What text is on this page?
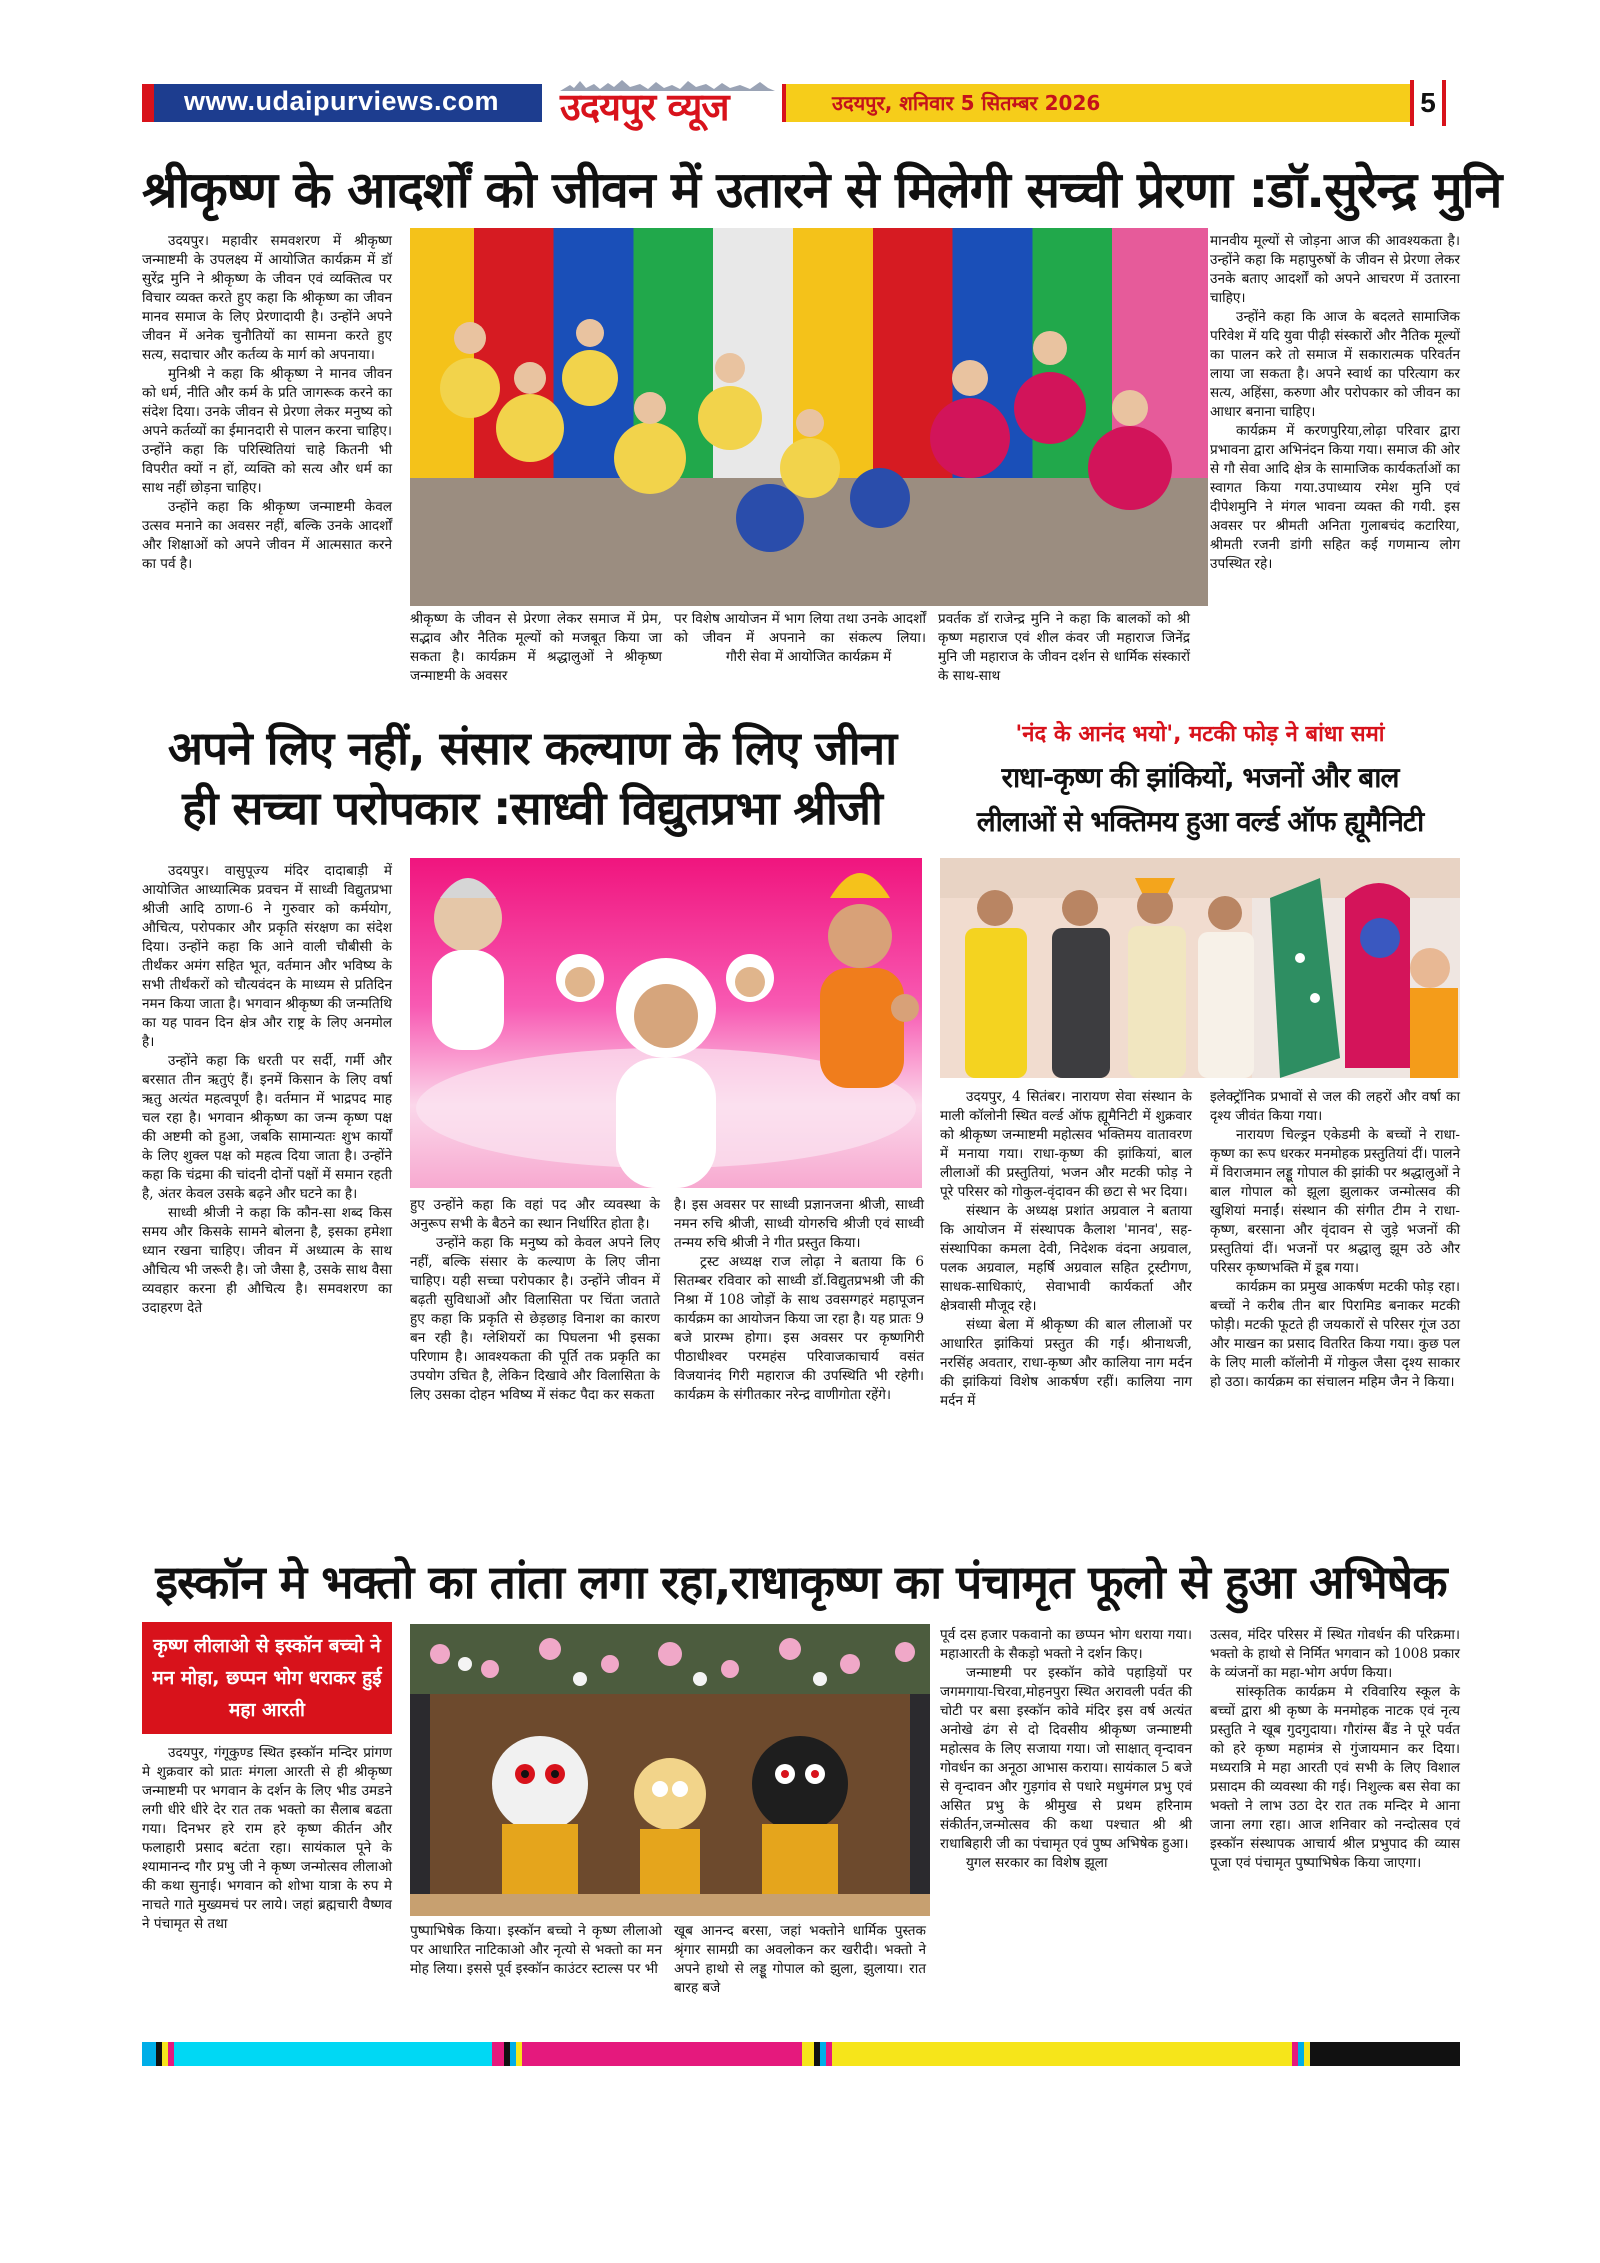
www.udaipurviews.com उदयपुर व्यूज	उदयपुर, शनिवार 5 सितम्बर 2026	5
श्रीकृष्ण के आदर्शों को जीवन में उतारने से मिलेगी सच्ची प्रेरणा :डॉ.सुरेन्द्र मुनि

उदयपुर। महावीर समवशरण में श्रीकृष्ण जन्माष्टमी के उपलक्ष्य में आयोजित कार्यक्रम में डॉ सुरेंद्र मुनि ने श्रीकृष्ण के जीवन एवं व्यक्तित्व पर विचार व्यक्त करते हुए कहा कि श्रीकृष्ण का जीवन मानव समाज के लिए प्रेरणादायी है। उन्होंने अपने जीवन में अनेक चुनौतियों का सामना करते हुए सत्य, सदाचार और कर्तव्य के मार्ग को अपनाया।

मुनिश्री ने कहा कि श्रीकृष्ण ने मानव जीवन को धर्म, नीति और कर्म के प्रति जागरूक करने का संदेश दिया। उनके जीवन से प्रेरणा लेकर मनुष्य को अपने कर्तव्यों का ईमानदारी से पालन करना चाहिए। उन्होंने कहा कि परिस्थितियां चाहे कितनी भी विपरीत क्यों न हों, व्यक्ति को सत्य और धर्म का साथ नहीं छोड़ना चाहिए।

उन्होंने कहा कि श्रीकृष्ण जन्माष्टमी केवल उत्सव मनाने का अवसर नहीं, बल्कि उनके आदर्शों और शिक्षाओं को अपने जीवन में आत्मसात करने का पर्व है।

श्रीकृष्ण के जीवन से प्रेरणा लेकर समाज में प्रेम, सद्भाव और नैतिक मूल्यों को मजबूत किया जा सकता है। कार्यक्रम में श्रद्धालुओं ने श्रीकृष्ण जन्माष्टमी के अवसर
पर विशेष आयोजन में भाग लिया तथा उनके आदर्शों को जीवन में अपनाने का संकल्प लिया।            गौरी सेवा में आयोजित कार्यक्रम में
प्रवर्तक डॉ राजेन्द्र मुनि ने कहा कि बालकों को श्री कृष्ण महाराज एवं शील कंवर जी महाराज जिनेंद्र मुनि जी महाराज के जीवन दर्शन से धार्मिक संस्कारों के साथ-साथ

मानवीय मूल्यों से जोड़ना आज की आवश्यकता है। उन्होंने कहा कि महापुरुषों के जीवन से प्रेरणा लेकर उनके बताए आदर्शों को अपने आचरण में उतारना चाहिए।

उन्होंने कहा कि आज के बदलते सामाजिक परिवेश में यदि युवा पीढ़ी संस्कारों और नैतिक मूल्यों का पालन करे तो समाज में सकारात्मक परिवर्तन लाया जा सकता है। अपने स्वार्थ का परित्याग कर सत्य, अहिंसा, करुणा और परोपकार को जीवन का आधार बनाना चाहिए।

कार्यक्रम में करणपुरिया,लोढ़ा परिवार द्वारा प्रभावना द्वारा अभिनंदन किया गया। समाज की ओर से गौ सेवा आदि क्षेत्र के सामाजिक कार्यकर्ताओं का स्वागत किया गया.उपाध्याय रमेश मुनि एवं दीपेशमुनि ने मंगल भावना व्यक्त की गयी. इस अवसर पर श्रीमती अनिता गुलाबचंद कटारिया, श्रीमती रजनी डांगी सहित कई गणमान्य लोग उपस्थित रहे।

अपने लिए नहीं, संसार कल्याण के लिए जीना
ही सच्चा परोपकार :साध्वी विद्युतप्रभा श्रीजी

उदयपुर। वासुपूज्य मंदिर दादाबाड़ी में आयोजित आध्यात्मिक प्रवचन में साध्वी विद्युतप्रभा श्रीजी आदि ठाणा-6 ने गुरुवार को कर्मयोग, औचित्य, परोपकार और प्रकृति संरक्षण का संदेश दिया। उन्होंने कहा कि आने वाली चौबीसी के तीर्थंकर अमंग सहित भूत, वर्तमान और भविष्य के सभी तीर्थंकरों को चौत्यवंदन के माध्यम से प्रतिदिन नमन किया जाता है। भगवान श्रीकृष्ण की जन्मतिथि का यह पावन दिन क्षेत्र और राष्ट्र के लिए अनमोल है।

उन्होंने कहा कि धरती पर सर्दी, गर्मी और बरसात तीन ऋतुएं हैं। इनमें किसान के लिए वर्षा ऋतु अत्यंत महत्वपूर्ण है। वर्तमान में भाद्रपद माह चल रहा है। भगवान श्रीकृष्ण का जन्म कृष्ण पक्ष की अष्टमी को हुआ, जबकि सामान्यतः शुभ कार्यों के लिए शुक्ल पक्ष को महत्व दिया जाता है। उन्होंने कहा कि चंद्रमा की चांदनी दोनों पक्षों में समान रहती है, अंतर केवल उसके बढ़ने और घटने का है।

साध्वी श्रीजी ने कहा कि कौन-सा शब्द किस समय और किसके सामने बोलना है, इसका हमेशा ध्यान रखना चाहिए। जीवन में अध्यात्म के साथ औचित्य भी जरूरी है। जो जैसा है, उसके साथ वैसा व्यवहार करना ही औचित्य है। समवशरण का उदाहरण देते

हुए उन्होंने कहा कि वहां पद और व्यवस्था के अनुरूप सभी के बैठने का स्थान निर्धारित होता है।

उन्होंने कहा कि मनुष्य को केवल अपने लिए नहीं, बल्कि संसार के कल्याण के लिए जीना चाहिए। यही सच्चा परोपकार है। उन्होंने जीवन में बढ़ती सुविधाओं और विलासिता पर चिंता जताते हुए कहा कि प्रकृति से छेड़छाड़ विनाश का कारण बन रही है। ग्लेशियरों का पिघलना भी इसका परिणाम है। आवश्यकता की पूर्ति तक प्रकृति का उपयोग उचित है, लेकिन दिखावे और विलासिता के लिए उसका दोहन भविष्य में संकट पैदा कर सकता

है। इस अवसर पर साध्वी प्रज्ञानजना श्रीजी, साध्वी नमन रुचि श्रीजी, साध्वी योगरुचि श्रीजी एवं साध्वी तन्मय रुचि श्रीजी ने गीत प्रस्तुत किया।

ट्रस्ट अध्यक्ष राज लोढ़ा ने बताया कि 6 सितम्बर रविवार को साध्वी डॉ.विद्युतप्रभश्री जी की निश्रा में 108 जोड़ों के साथ उवसग्गहरं महापूजन कार्यक्रम का आयोजन किया जा रहा है। यह प्रातः 9 बजे प्रारम्भ होगा। इस अवसर पर कृष्णगिरी पीठाधीश्वर परमहंस परिवाजकाचार्य वसंत विजयानंद गिरी महाराज की उपस्थिति भी रहेगी। कार्यक्रम के संगीतकार नरेन्द्र वाणीगोता रहेंगे।

'नंद के आनंद भयो', मटकी फोड़ ने बांधा समां
राधा-कृष्ण की झांकियों, भजनों और बाल
लीलाओं से भक्तिमय हुआ वर्ल्ड ऑफ ह्यूमैनिटी

उदयपुर, 4 सितंबर। नारायण सेवा संस्थान के माली कॉलोनी स्थित वर्ल्ड ऑफ ह्यूमैनिटी में शुक्रवार को श्रीकृष्ण जन्माष्टमी महोत्सव भक्तिमय वातावरण में मनाया गया। राधा-कृष्ण की झांकियां, बाल लीलाओं की प्रस्तुतियां, भजन और मटकी फोड़ ने पूरे परिसर को गोकुल-वृंदावन की छटा से भर दिया।

संस्थान के अध्यक्ष प्रशांत अग्रवाल ने बताया कि आयोजन में संस्थापक कैलाश 'मानव', सह-संस्थापिका कमला देवी, निदेशक वंदना अग्रवाल, पलक अग्रवाल, महर्षि अग्रवाल सहित ट्रस्टीगण, साधक-साधिकाएं, सेवाभावी कार्यकर्ता और क्षेत्रवासी मौजूद रहे।

संध्या बेला में श्रीकृष्ण की बाल लीलाओं पर आधारित झांकियां प्रस्तुत की गईं। श्रीनाथजी, नरसिंह अवतार, राधा-कृष्ण और कालिया नाग मर्दन की झांकियां विशेष आकर्षण रहीं। कालिया नाग मर्दन में

इलेक्ट्रॉनिक प्रभावों से जल की लहरों और वर्षा का दृश्य जीवंत किया गया।

नारायण चिल्ड्रन एकेडमी के बच्चों ने राधा-कृष्ण का रूप धरकर मनमोहक प्रस्तुतियां दीं। पालने में विराजमान लड्डू गोपाल की झांकी पर श्रद्धालुओं ने बाल गोपाल को झूला झुलाकर जन्मोत्सव की खुशियां मनाईं। संस्थान की संगीत टीम ने राधा-कृष्ण, बरसाना और वृंदावन से जुड़े भजनों की प्रस्तुतियां दीं। भजनों पर श्रद्धालु झूम उठे और परिसर कृष्णभक्ति में डूब गया।

कार्यक्रम का प्रमुख आकर्षण मटकी फोड़ रहा। बच्चों ने करीब तीन बार पिरामिड बनाकर मटकी फोड़ी। मटकी फूटते ही जयकारों से परिसर गूंज उठा और माखन का प्रसाद वितरित किया गया। कुछ पल के लिए माली कॉलोनी में गोकुल जैसा दृश्य साकार हो उठा। कार्यक्रम का संचालन महिम जैन ने किया।

इस्कॉन मे भक्तो का तांता लगा रहा,राधाकृष्ण का पंचामृत फूलो से हुआ अभिषेक
कृष्ण लीलाओ से इस्कॉन बच्चो ने मन मोहा, छप्पन भोग धराकर हुई महा आरती

उदयपुर, गंगूकुण्ड स्थित इस्कॉन मन्दिर प्रांगण मे शुक्रवार को प्रातः मंगला आरती से ही श्रीकृष्ण जन्माष्टमी पर भगवान के दर्शन के लिए भीड उमडने लगी धीरे धीरे देर रात तक भक्तो का सैलाब बढता गया। दिनभर हरे राम हरे कृष्ण कीर्तन और फलाहारी प्रसाद बटंता रहा। सायंकाल पूने के श्यामानन्द गौर प्रभु जी ने कृष्ण जन्मोत्सव लीलाओ की कथा सुनाई। भगवान को शोभा यात्रा के रुप मे नाचते गाते मुख्यमचं पर लाये। जहां ब्रह्मचारी वैष्णव ने पंचामृत से तथा	पुष्पाभिषेक किया। इस्कॉन बच्चो ने कृष्ण लीलाओ पर आधारित नाटिकाओ और नृत्यो से भक्तो का मन मोह लिया। इससे पूर्व इस्कॉन काउंटर स्टाल्स पर भी
खूब आनन्द बरसा, जहां भक्तोने धार्मिक पुस्तक श्रृंगार सामग्री का अवलोकन कर खरीदी। भक्तो ने अपने हाथो से लड्डू गोपाल को झुला, झुलाया। रात बारह बजे

पूर्व दस हजार पकवानो का छप्पन भोग धराया गया। महाआरती के सैकड़ो भक्तो ने दर्शन किए।

जन्माष्टमी पर इस्कॉन कोवे पहाड़ियों पर जगमगाया-चिरवा,मोहनपुरा स्थित अरावली पर्वत की चोटी पर बसा इस्कॉन कोवे मंदिर इस वर्ष अत्यंत अनोखे ढंग से दो दिवसीय श्रीकृष्ण जन्माष्टमी महोत्सव के लिए सजाया गया। जो साक्षात् वृन्दावन गोवर्धन का अनूठा आभास कराया। सायंकाल 5 बजे से वृन्दावन और गुड़गांव से पधारे मधुमंगल प्रभु एवं असित प्रभु के श्रीमुख से प्रथम हरिनाम संकीर्तन,जन्मोत्सव की कथा पश्चात श्री श्री राधाबिहारी जी का पंचामृत एवं पुष्प अभिषेक हुआ।

युगल सरकार का विशेष झूला

उत्सव, मंदिर परिसर में स्थित गोवर्धन की परिक्रमा। भक्तो के हाथो से निर्मित भगवान को 1008 प्रकार के व्यंजनों का महा-भोग अर्पण किया।

सांस्कृतिक कार्यक्रम मे रविवारिय स्कूल के बच्चों द्वारा श्री कृष्ण के मनमोहक नाटक एवं नृत्य प्रस्तुति ने खूब गुदगुदाया। गौरांग्स बैंड ने पूरे पर्वत को हरे कृष्ण महामंत्र से गुंजायमान कर दिया। मध्यरात्रि मे महा आरती एवं सभी के लिए विशाल प्रसादम की व्यवस्था की गई। निशुल्क बस सेवा का भक्तो ने लाभ उठा देर रात तक मन्दिर मे आना जाना लगा रहा। आज शनिवार को नन्दोत्सव एवं इस्कॉन संस्थापक आचार्य श्रील प्रभुपाद की व्यास पूजा एवं पंचामृत पुष्पाभिषेक किया जाएगा।
